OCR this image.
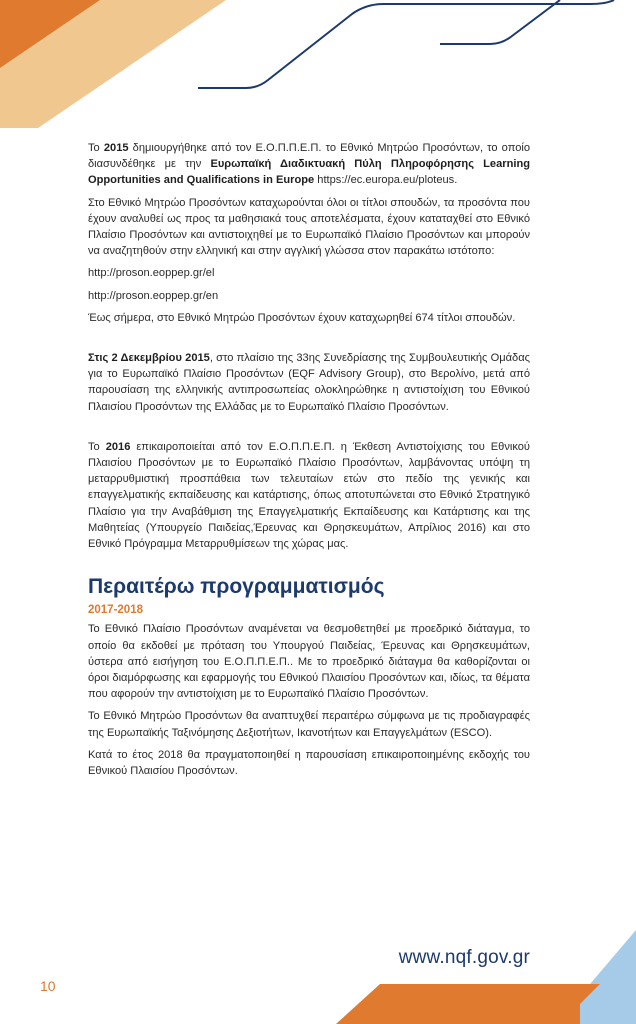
Το 2015 δημιουργήθηκε από τον Ε.Ο.Π.Π.Ε.Π. το Εθνικό Μητρώο Προσόντων, το οποίο διασυνδέθηκε με την Ευρωπαϊκή Διαδικτυακή Πύλη Πληροφόρησης Learning Opportunities and Qualifications in Europe https://ec.europa.eu/ploteus.

Στο Εθνικό Μητρώο Προσόντων καταχωρούνται όλοι οι τίτλοι σπουδών, τα προσόντα που έχουν αναλυθεί ως προς τα μαθησιακά τους αποτελέσματα, έχουν καταταχθεί στο Εθνικό Πλαίσιο Προσόντων και αντιστοιχηθεί με το Ευρωπαϊκό Πλαίσιο Προσόντων και μπορούν να αναζητηθούν στην ελληνική και στην αγγλική γλώσσα στον παρακάτω ιστότοπο:

http://proson.eoppep.gr/el

http://proson.eoppep.gr/en

Έως σήμερα, στο Εθνικό Μητρώο Προσόντων έχουν καταχωρηθεί 674 τίτλοι σπουδών.

Στις 2 Δεκεμβρίου 2015, στο πλαίσιο της 33ης Συνεδρίασης της Συμβουλευτικής Ομάδας για το Ευρωπαϊκό Πλαίσιο Προσόντων (EQF Advisory Group), στο Βερολίνο, μετά από παρουσίαση της ελληνικής αντιπροσωπείας ολοκληρώθηκε η αντιστοίχιση του Εθνικού Πλαισίου Προσόντων της Ελλάδας με το Ευρωπαϊκό Πλαίσιο Προσόντων.

Το 2016 επικαιροποιείται από τον Ε.Ο.Π.Π.Ε.Π. η Έκθεση Αντιστοίχισης του Εθνικού Πλαισίου Προσόντων με το Ευρωπαϊκό Πλαίσιο Προσόντων, λαμβάνοντας υπόψη τη μεταρρυθμιστική προσπάθεια των τελευταίων ετών στο πεδίο της γενικής και επαγγελματικής εκπαίδευσης και κατάρτισης, όπως αποτυπώνεται στο Εθνικό Στρατηγικό Πλαίσιο για την Αναβάθμιση της Επαγγελματικής Εκπαίδευσης και Κατάρτισης και της Μαθητείας (Υπουργείο Παιδείας,Έρευνας και Θρησκευμάτων, Απρίλιος 2016) και στο Εθνικό Πρόγραμμα Μεταρρυθμίσεων της χώρας μας.

Περαιτέρω προγραμματισμός
2017-2018

Το Εθνικό Πλαίσιο Προσόντων αναμένεται να θεσμοθετηθεί με προεδρικό διάταγμα, το οποίο θα εκδοθεί με πρόταση του Υπουργού Παιδείας, Έρευνας και Θρησκευμάτων, ύστερα από εισήγηση του Ε.Ο.Π.Π.Ε.Π.. Με το προεδρικό διάταγμα θα καθορίζονται οι όροι διαμόρφωσης και εφαρμογής του Εθνικού Πλαισίου Προσόντων και, ιδίως, τα θέματα που αφορούν την αντιστοίχιση με το Ευρωπαϊκό Πλαίσιο Προσόντων.

Το Εθνικό Μητρώο Προσόντων θα αναπτυχθεί περαιτέρω σύμφωνα με τις προδιαγραφές της Ευρωπαϊκής Ταξινόμησης Δεξιοτήτων, Ικανοτήτων και Επαγγελμάτων (ESCO).

Κατά το έτος 2018 θα πραγματοποιηθεί η παρουσίαση επικαιροποιημένης εκδοχής του Εθνικού Πλαισίου Προσόντων.

www.nqf.gov.gr
10
